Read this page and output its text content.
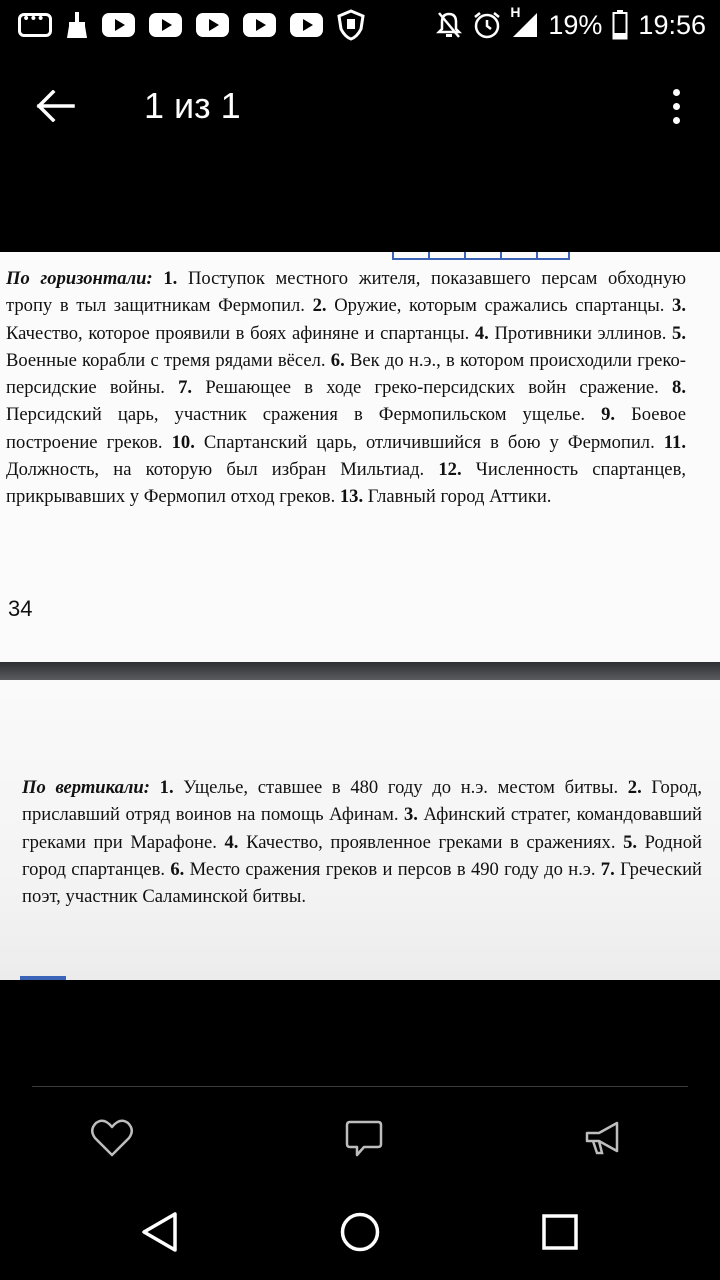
•••
H 19% 19:56
1 из 1
По горизонтали: 1. Поступок местного жителя, показавшего персам обходную тропу в тыл защитникам Фермопил. 2. Оружие, которым сражались спартанцы. 3. Качество, которое проявили в боях афиняне и спартанцы. 4. Противники эллинов. 5. Военные корабли с тремя рядами вёсел. 6. Век до н.э., в котором происходили греко-персидские войны. 7. Решающее в ходе греко-персидских войн сражение. 8. Персидский царь, участник сражения в Фермопильском ущелье. 9. Боевое построение греков. 10. Спартанский царь, отличившийся в бою у Фермопил. 11. Должность, на которую был избран Мильтиад. 12. Численность спартанцев, прикрывавших у Фермопил отход греков. 13. Главный город Аттики.
34
По вертикали: 1. Ущелье, ставшее в 480 году до н.э. местом битвы. 2. Город, приславший отряд воинов на помощь Афинам. 3. Афинский стратег, командовавший греками при Марафоне. 4. Качество, проявленное греками в сражениях. 5. Родной город спартанцев. 6. Место сражения греков и персов в 490 году до н.э. 7. Греческий поэт, участник Саламинской битвы.
